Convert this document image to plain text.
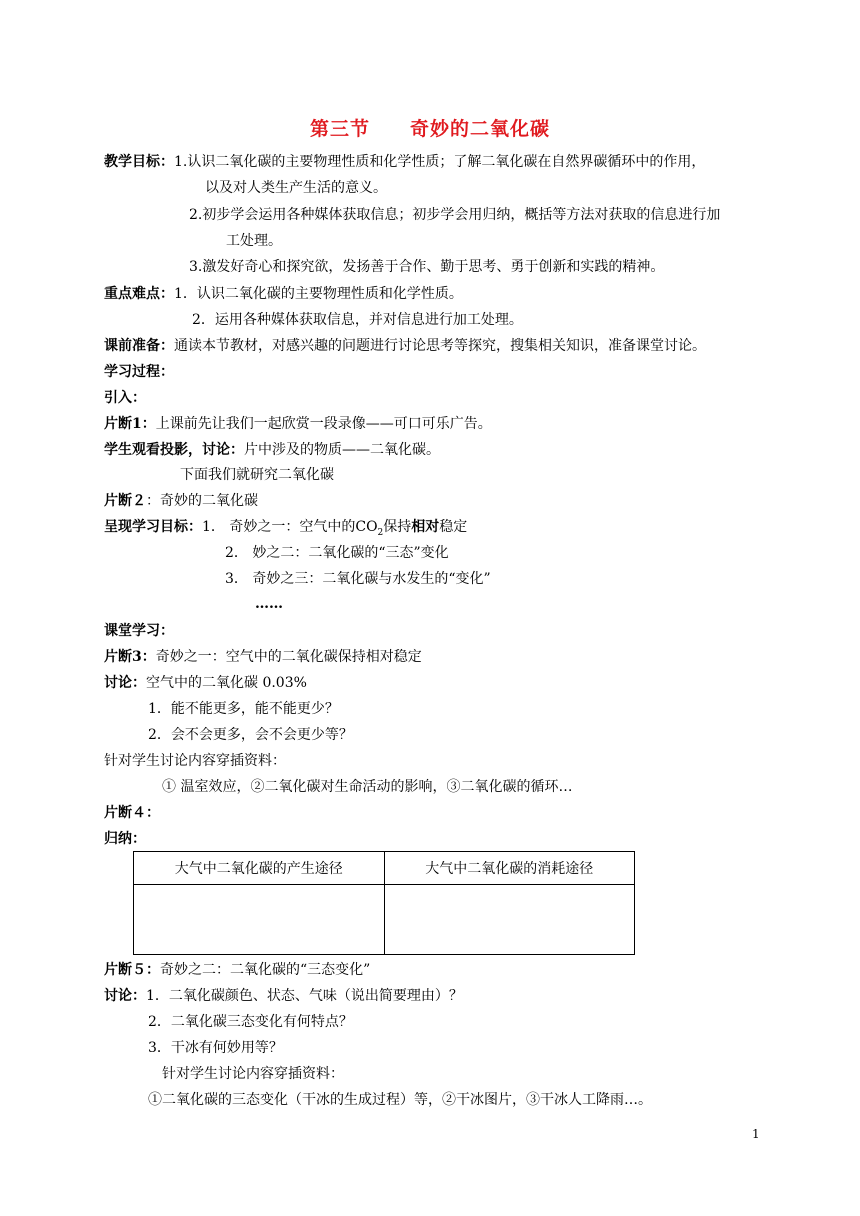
第三节 奇妙的二氧化碳
教学目标：1.认识二氧化碳的主要物理性质和化学性质；了解二氧化碳在自然界碳循环中的作用，
以及对人类生产生活的意义。
2.初步学会运用各种媒体获取信息；初步学会用归纳，概括等方法对获取的信息进行加
工处理。
3.激发好奇心和探究欲，发扬善于合作、勤于思考、勇于创新和实践的精神。
重点难点：1．认识二氧化碳的主要物理性质和化学性质。
2．运用各种媒体获取信息，并对信息进行加工处理。
课前准备：通读本节教材，对感兴趣的问题进行讨论思考等探究，搜集相关知识，准备课堂讨论。
学习过程：
引入：
片断1：上课前先让我们一起欣赏一段录像——可口可乐广告。
学生观看投影，讨论：片中涉及的物质——二氧化碳。
下面我们就研究二氧化碳
片断２：奇妙的二氧化碳
呈现学习目标：1． 奇妙之一：空气中的$CO_2$保持相对稳定
2． 妙之二：二氧化碳的“三态”变化
3． 奇妙之三：二氧化碳与水发生的“变化”
……
课堂学习：
片断3：奇妙之一：空气中的二氧化碳保持相对稳定
讨论：空气中的二氧化碳 0.03%
1．能不能更多，能不能更少？
2．会不会更多，会不会更少等？
针对学生讨论内容穿插资料：
① 温室效应，②二氧化碳对生命活动的影响，③二氧化碳的循环…
片断４：
归纳：
大气中二氧化碳的产生途径	大气中二氧化碳的消耗途径

片断５：奇妙之二：二氧化碳的“三态变化”
讨论：1．二氧化碳颜色、状态、气味（说出简要理由）？
2．二氧化碳三态变化有何特点？
3．干冰有何妙用等？
针对学生讨论内容穿插资料：
①二氧化碳的三态变化（干冰的生成过程）等，②干冰图片，③干冰人工降雨…。
1
